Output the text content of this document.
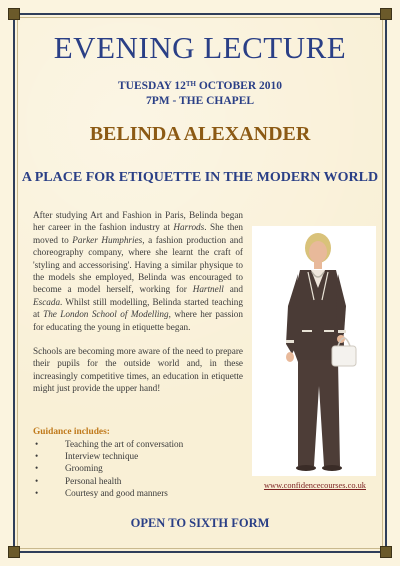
EVENING LECTURE

TUESDAY 12TH OCTOBER 2010

7PM - THE CHAPEL

BELINDA ALEXANDER
A PLACE FOR ETIQUETTE IN THE MODERN WORLD

After studying Art and Fashion in Paris, Belinda began her career in the fashion industry at Harrods. She then moved to Parker Humphries, a fashion production and choreography company, where she learnt the craft of 'styling and accessorising'. Having a similar physique to the models she employed, Belinda was encouraged to become a model herself, working for Hartnell and Escada. Whilst still modelling, Belinda started teaching at The London School of Modelling, where her passion for educating the young in etiquette began.

Schools are becoming more aware of the need to prepare their pupils for the outside world and, in these increasingly competitive times, an education in etiquette might just provide the upper hand!

Guidance includes:

• Teaching the art of conversation
• Interview technique
• Grooming
• Personal health
• Courtesy and good manners
www.confidencecourses.co.uk

OPEN TO SIXTH FORM
